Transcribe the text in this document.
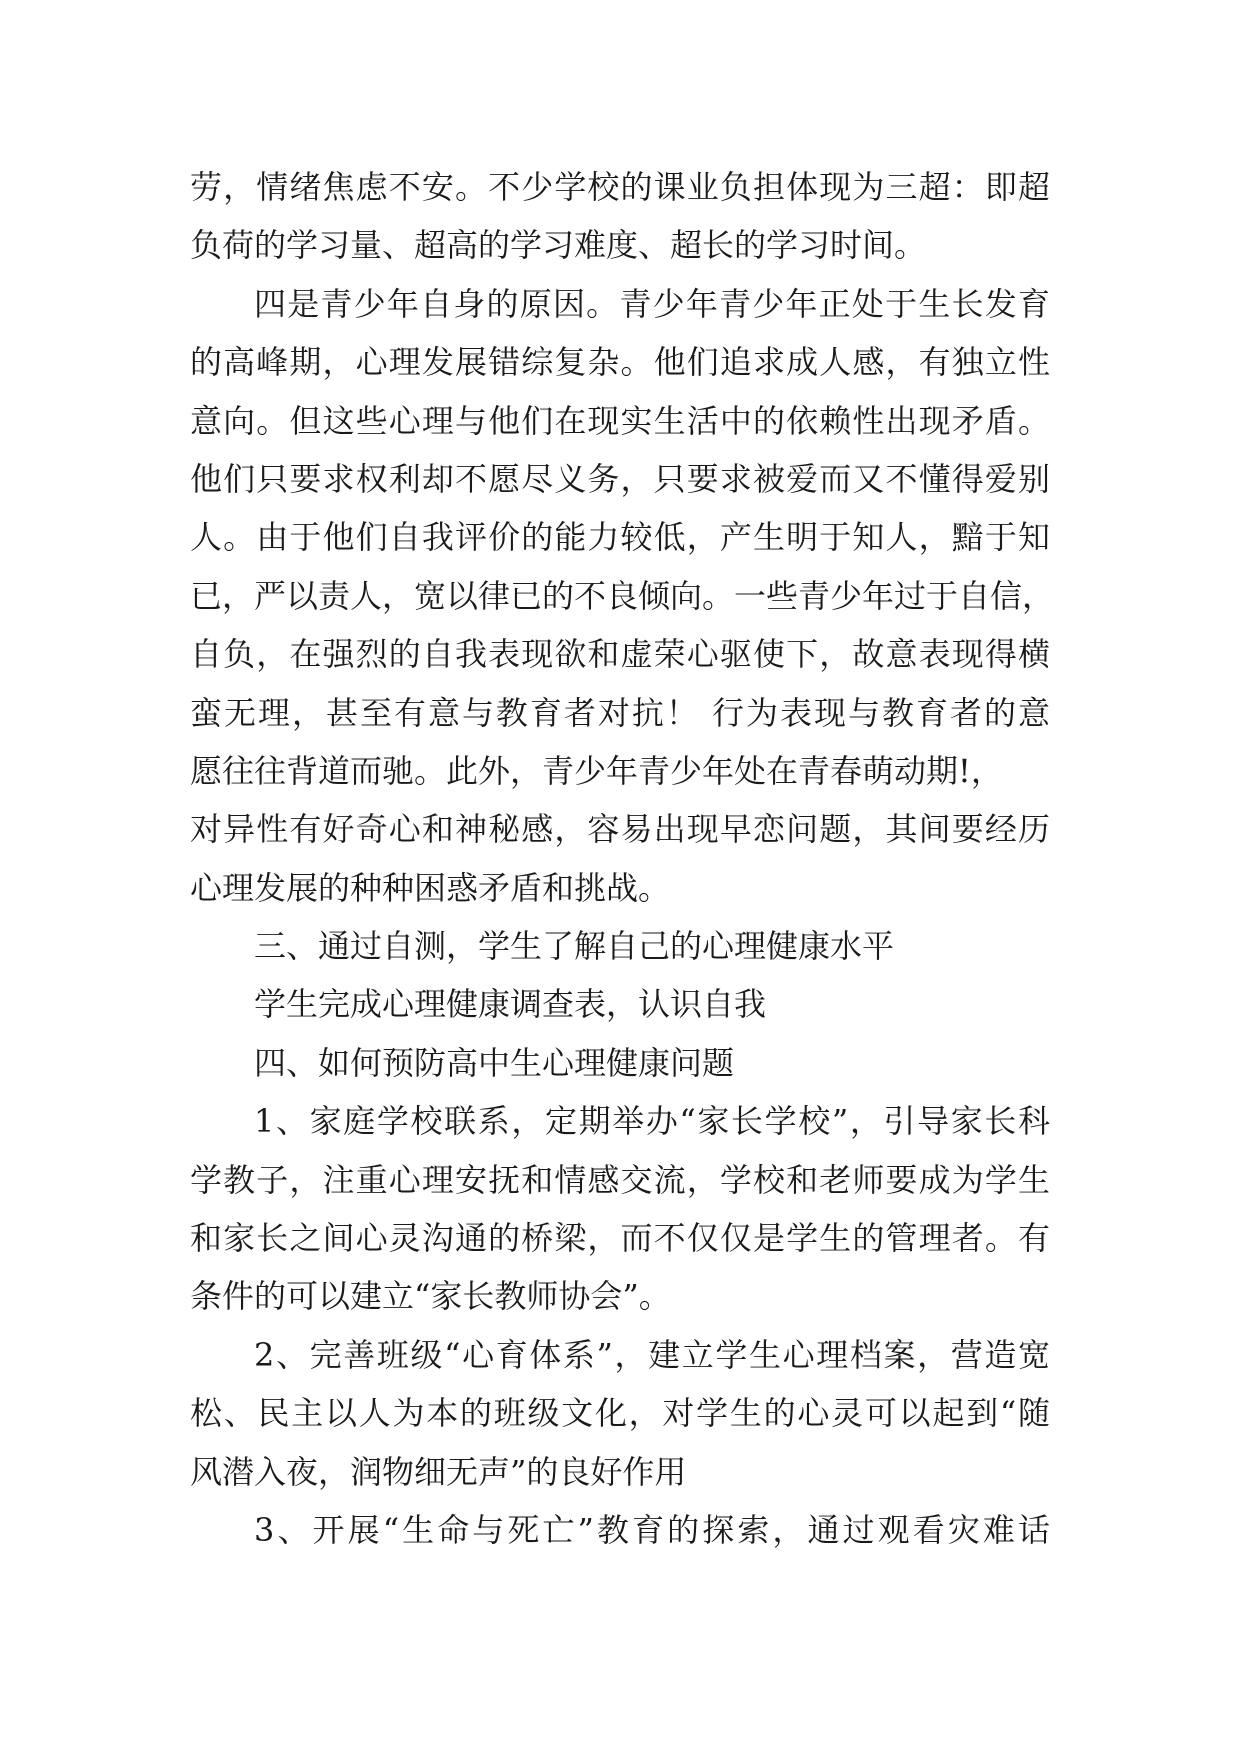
劳，情绪焦虑不安。不少学校的课业负担体现为三超：即超
负荷的学习量、超高的学习难度、超长的学习时间。
四是青少年自身的原因。青少年青少年正处于生长发育
的高峰期，心理发展错综复杂。他们追求成人感，有独立性
意向。但这些心理与他们在现实生活中的依赖性出现矛盾。
他们只要求权利却不愿尽义务，只要求被爱而又不懂得爱别
人。由于他们自我评价的能力较低，产生明于知人，黯于知
已，严以责人，宽以律已的不良倾向。一些青少年过于自信，
自负，在强烈的自我表现欲和虚荣心驱使下，故意表现得横
蛮无理，甚至有意与教育者对抗！ 行为表现与教育者的意
愿往往背道而驰。此外，青少年青少年处在青春萌动期!，
对异性有好奇心和神秘感，容易出现早恋问题，其间要经历
心理发展的种种困惑矛盾和挑战。
三、通过自测，学生了解自己的心理健康水平
学生完成心理健康调查表，认识自我
四、如何预防高中生心理健康问题
1、家庭学校联系，定期举办“家长学校”，引导家长科
学教子，注重心理安抚和情感交流，学校和老师要成为学生
和家长之间心灵沟通的桥梁，而不仅仅是学生的管理者。有
条件的可以建立“家长教师协会”。
2、完善班级“心育体系”，建立学生心理档案，营造宽
松、民主以人为本的班级文化，对学生的心灵可以起到“随
风潜入夜，润物细无声”的良好作用
3、开展“生命与死亡”教育的探索，通过观看灾难话
